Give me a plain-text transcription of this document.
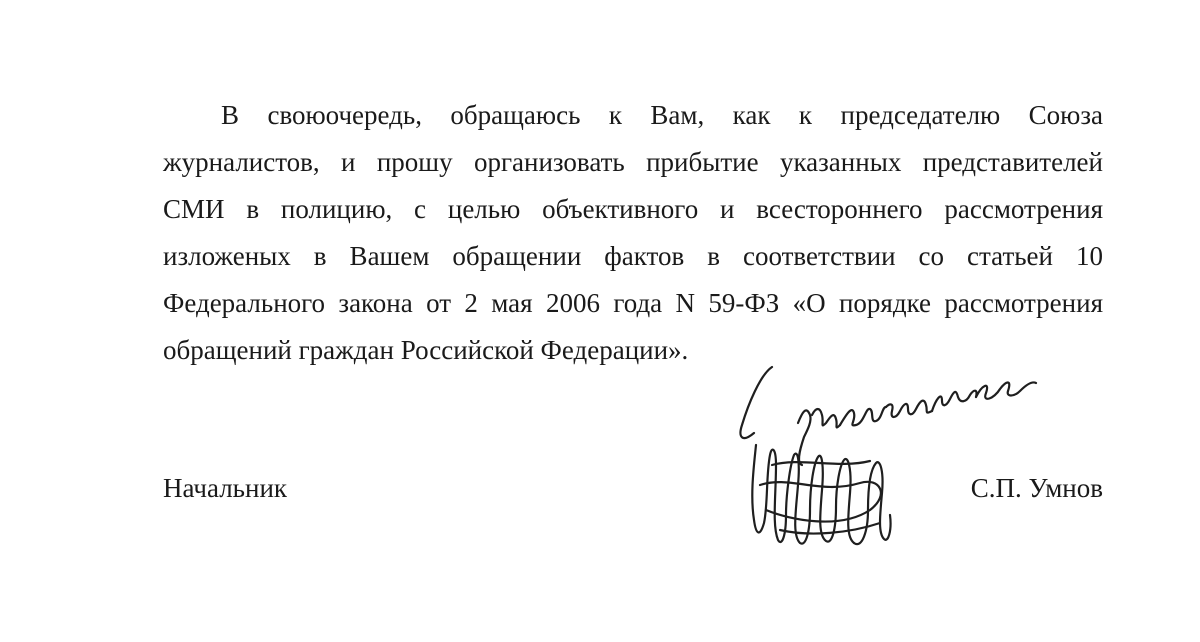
В своюочередь, обращаюсь к Вам, как к председателю Союза
журналистов, и прошу организовать прибытие указанных представителей
СМИ в полицию, с целью объективного и всестороннего рассмотрения
изложеных в Вашем обращении фактов в соответствии со статьей 10
Федерального закона от 2 мая 2006 года N 59-ФЗ «О порядке рассмотрения
обращений граждан Российской Федерации».
Начальник	С.П. Умнов
